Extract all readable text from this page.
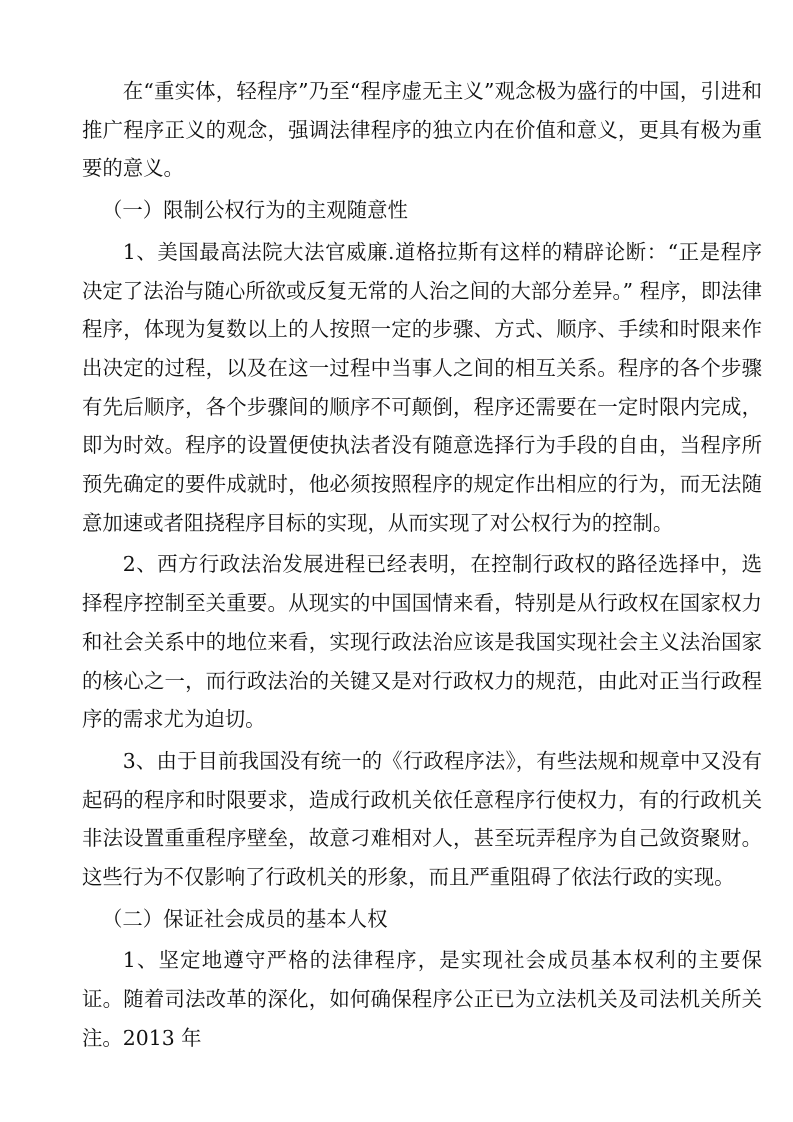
在“重实体，轻程序”乃至“程序虚无主义”观念极为盛行的中国，引进和推广程序正义的观念，强调法律程序的独立内在价值和意义，更具有极为重要的意义。

（一）限制公权行为的主观随意性

1、美国最高法院大法官威廉.道格拉斯有这样的精辟论断：“正是程序决定了法治与随心所欲或反复无常的人治之间的大部分差异。” 程序，即法律程序，体现为复数以上的人按照一定的步骤、方式、顺序、手续和时限来作出决定的过程，以及在这一过程中当事人之间的相互关系。程序的各个步骤有先后顺序，各个步骤间的顺序不可颠倒，程序还需要在一定时限内完成，即为时效。程序的设置便使执法者没有随意选择行为手段的自由，当程序所预先确定的要件成就时，他必须按照程序的规定作出相应的行为，而无法随意加速或者阻挠程序目标的实现，从而实现了对公权行为的控制。

2、西方行政法治发展进程已经表明，在控制行政权的路径选择中，选择程序控制至关重要。从现实的中国国情来看，特别是从行政权在国家权力和社会关系中的地位来看，实现行政法治应该是我国实现社会主义法治国家的核心之一，而行政法治的关键又是对行政权力的规范，由此对正当行政程序的需求尤为迫切。

3、由于目前我国没有统一的《行政程序法》，有些法规和规章中又没有起码的程序和时限要求，造成行政机关依任意程序行使权力，有的行政机关非法设置重重程序壁垒，故意刁难相对人，甚至玩弄程序为自己敛资聚财。这些行为不仅影响了行政机关的形象，而且严重阻碍了依法行政的实现。

（二）保证社会成员的基本人权

1、坚定地遵守严格的法律程序，是实现社会成员基本权利的主要保证。随着司法改革的深化，如何确保程序公正已为立法机关及司法机关所关注。2013 年
